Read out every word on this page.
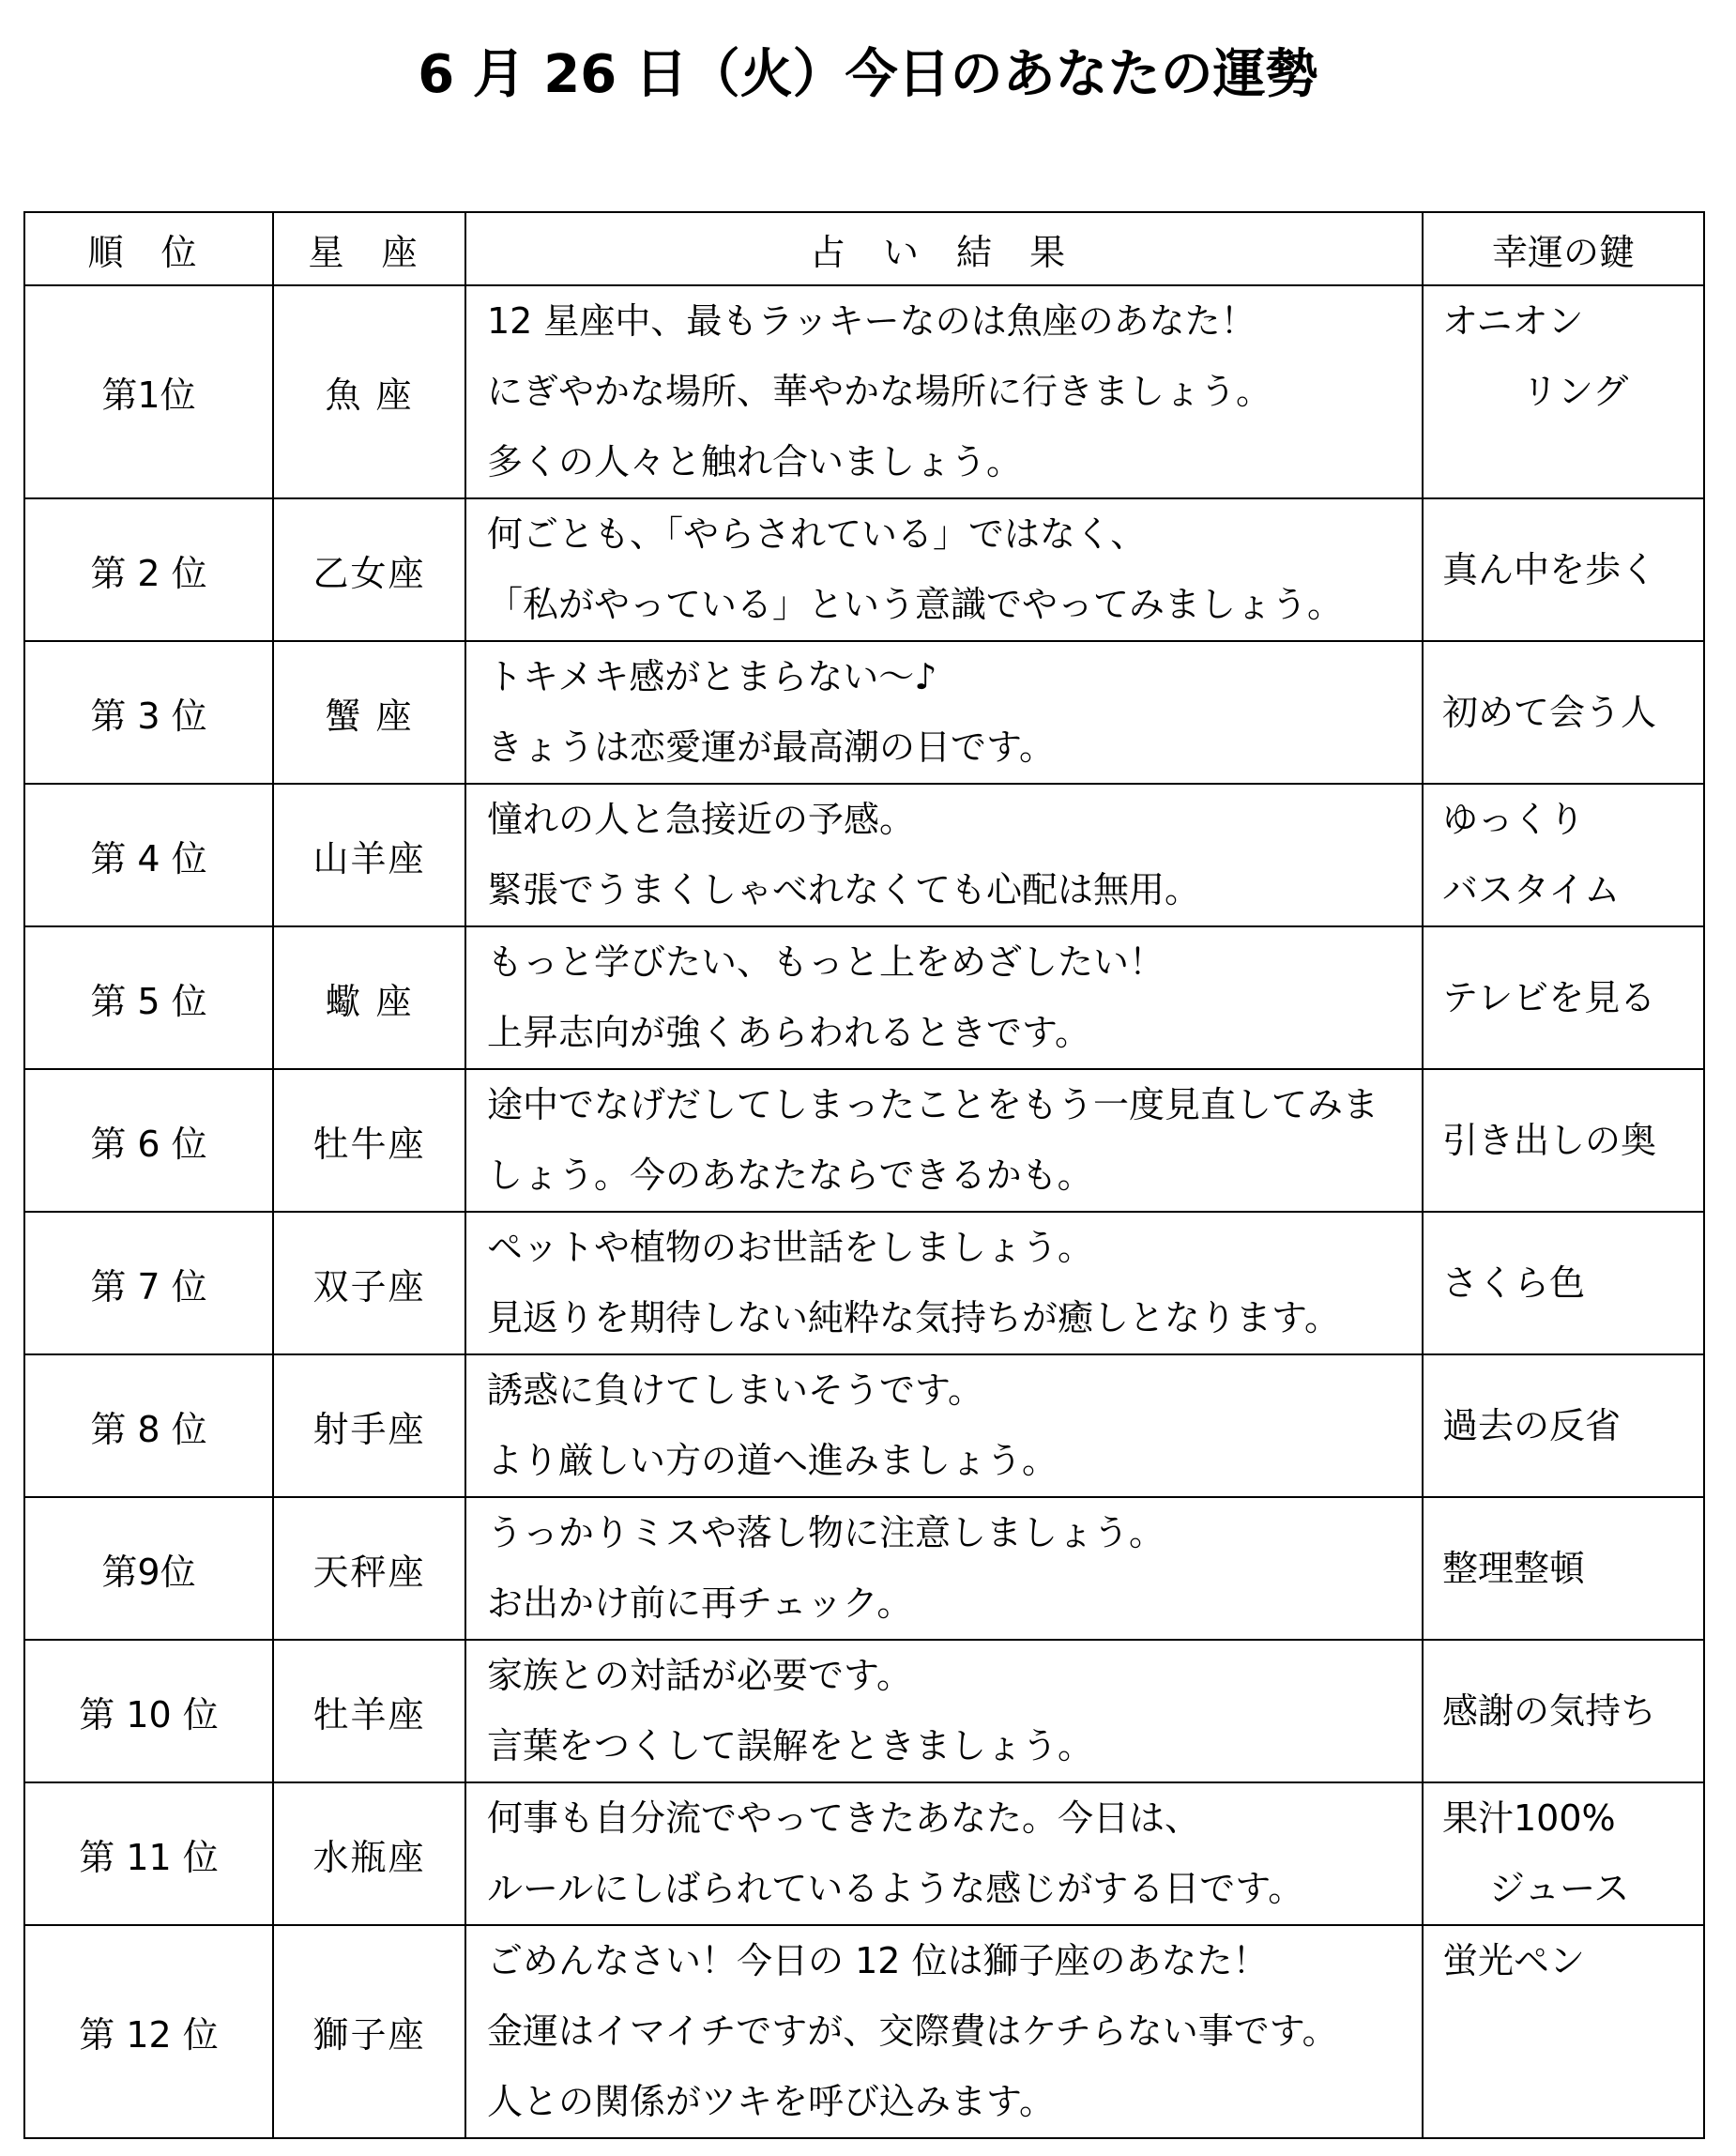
6 月 26 日（火）今日のあなたの運勢
順 位	星 座	占 い 結 果	幸運の鍵
第1位	魚 座	12 星座中、最もラッキーなのは魚座のあなた！
にぎやかな場所、華やかな場所に行きましょう。
多くの人々と触れ合いましょう。	オニオン
リング

第 2 位	乙女座	何ごとも、「やらされている」ではなく、
「私がやっている」という意識でやってみましょう。	真ん中を歩く

第 3 位	蟹 座	トキメキ感がとまらない～♪
きょうは恋愛運が最高潮の日です。	初めて会う人

第 4 位	山羊座	憧れの人と急接近の予感。
緊張でうまくしゃべれなくても心配は無用。	ゆっくり
バスタイム

第 5 位	蠍 座	もっと学びたい、もっと上をめざしたい！
上昇志向が強くあらわれるときです。	テレビを見る

第 6 位	牡牛座	途中でなげだしてしまったことをもう一度見直してみま
しょう。今のあなたならできるかも。	引き出しの奥

第 7 位	双子座	ペットや植物のお世話をしましょう。
見返りを期待しない純粋な気持ちが癒しとなります。	さくら色

第 8 位	射手座	誘惑に負けてしまいそうです。
より厳しい方の道へ進みましょう。	過去の反省

第9位	天秤座	うっかりミスや落し物に注意しましょう。
お出かけ前に再チェック。	整理整頓

第 10 位	牡羊座	家族との対話が必要です。
言葉をつくして誤解をときましょう。	感謝の気持ち

第 11 位	水瓶座	何事も自分流でやってきたあなた。今日は、
ルールにしばられているような感じがする日です。	果汁100%
ジュース

第 12 位	獅子座	ごめんなさい！今日の 12 位は獅子座のあなた！
金運はイマイチですが、交際費はケチらない事です。
人との関係がツキを呼び込みます。	蛍光ペン
